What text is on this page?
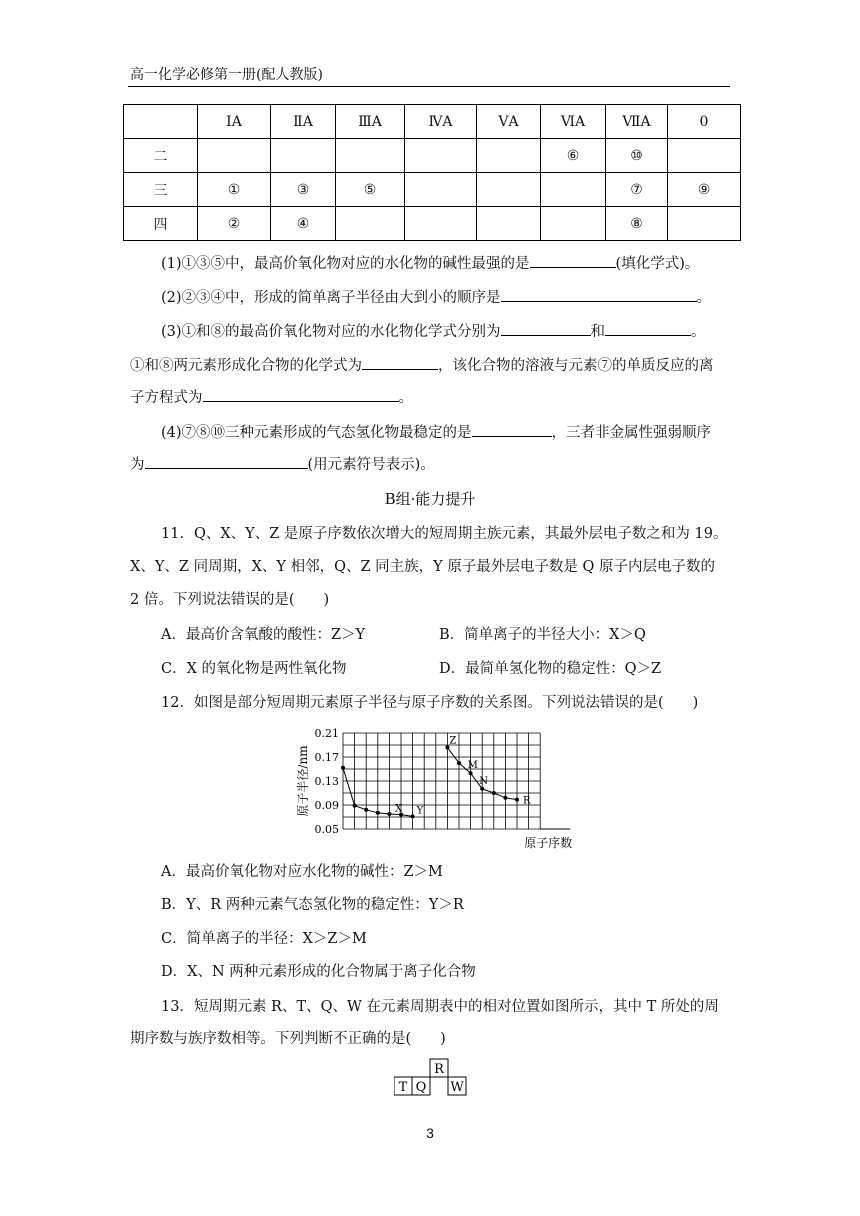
高一化学必修第一册(配人教版)
	ⅠA	ⅡA	ⅢA	ⅣA	ⅤA	ⅥA	ⅦA	0
二						⑥	⑩	
三	①	③	⑤				⑦	⑨
四	②	④					⑧	
(1)①③⑤中，最高价氧化物对应的水化物的碱性最强的是	(填化学式)。
(2)②③④中，形成的简单离子半径由大到小的顺序是	。
(3)①和⑧的最高价氧化物对应的水化物化学式分别为	和	。
①和⑧两元素形成化合物的化学式为	，该化合物的溶液与元素⑦的单质反应的离
子方程式为	。
(4)⑦⑧⑩三种元素形成的气态氢化物最稳定的是	，三者非金属性强弱顺序
为	(用元素符号表示)。
B组·能力提升
11．Q、X、Y、Z 是原子序数依次增大的短周期主族元素，其最外层电子数之和为 19。
X、Y、Z 同周期，X、Y 相邻，Q、Z 同主族，Y 原子最外层电子数是 Q 原子内层电子数的
2 倍。下列说法错误的是(　　)
A．最高价含氧酸的酸性：Z＞Y	B．简单离子的半径大小：X＞Q
C．X 的氧化物是两性氧化物	D．最简单氢化物的稳定性：Q＞Z
12．如图是部分短周期元素原子半径与原子序数的关系图。下列说法错误的是(　　)
0.05
0.09
0.13
0.17
0.21
原子半径/nm
原子序数
X Y
Z
M
N
R
A．最高价氧化物对应水化物的碱性：Z＞M
B．Y、R 两种元素气态氢化物的稳定性：Y＞R
C．简单离子的半径：X＞Z＞M
D．X、N 两种元素形成的化合物属于离子化合物
13．短周期元素 R、T、Q、W 在元素周期表中的相对位置如图所示，其中 T 所处的周
期序数与族序数相等。下列判断不正确的是(　　)
R
T Q W
3
